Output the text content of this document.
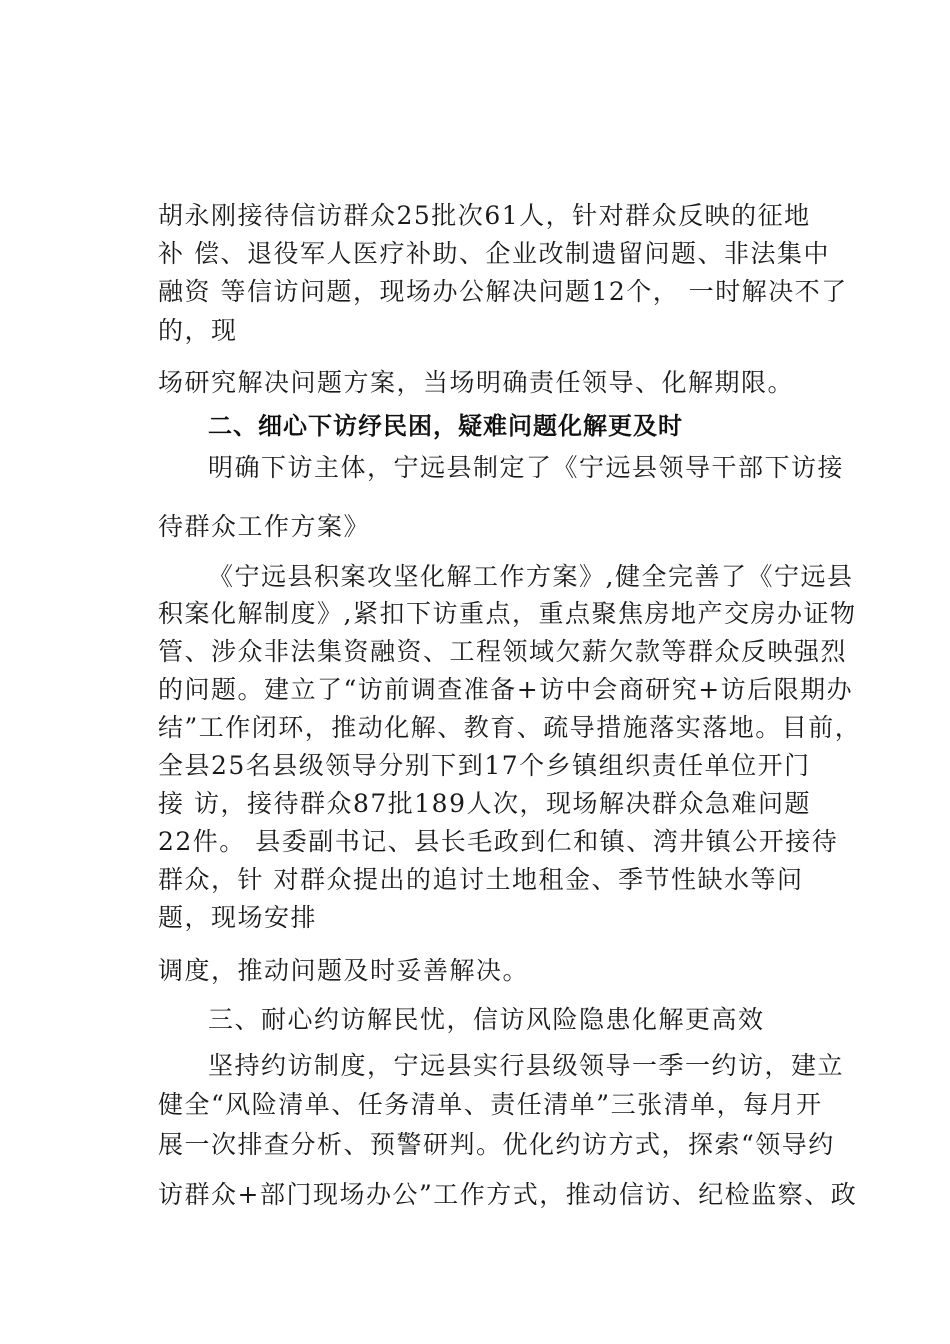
胡永刚接待信访群众25批次61人，针对群众反映的征地
补 偿、退役军人医疗补助、企业改制遗留问题、非法集中
融资 等信访问题，现场办公解决问题12个， 一时解决不了
的，现
场研究解决问题方案，当场明确责任领导、化解期限。
二、细心下访纾民困，疑难问题化解更及时
明确下访主体，宁远县制定了《宁远县领导干部下访接
待群众工作方案》
《宁远县积案攻坚化解工作方案》,健全完善了《宁远县
积案化解制度》,紧扣下访重点，重点聚焦房地产交房办证物
管、涉众非法集资融资、工程领域欠薪欠款等群众反映强烈
的问题。建立了“访前调查准备+访中会商研究+访后限期办
结”工作闭环，推动化解、教育、疏导措施落实落地。目前，
全县25名县级领导分别下到17个乡镇组织责任单位开门
接 访，接待群众87批189人次，现场解决群众急难问题
22件。 县委副书记、县长毛政到仁和镇、湾井镇公开接待
群众，针 对群众提出的追讨土地租金、季节性缺水等问
题，现场安排
调度，推动问题及时妥善解决。
三、耐心约访解民忧，信访风险隐患化解更高效
坚持约访制度，宁远县实行县级领导一季一约访，建立
健全“风险清单、任务清单、责任清单”三张清单，每月开
展一次排查分析、预警研判。优化约访方式，探索“领导约
访群众+部门现场办公”工作方式，推动信访、纪检监察、政
